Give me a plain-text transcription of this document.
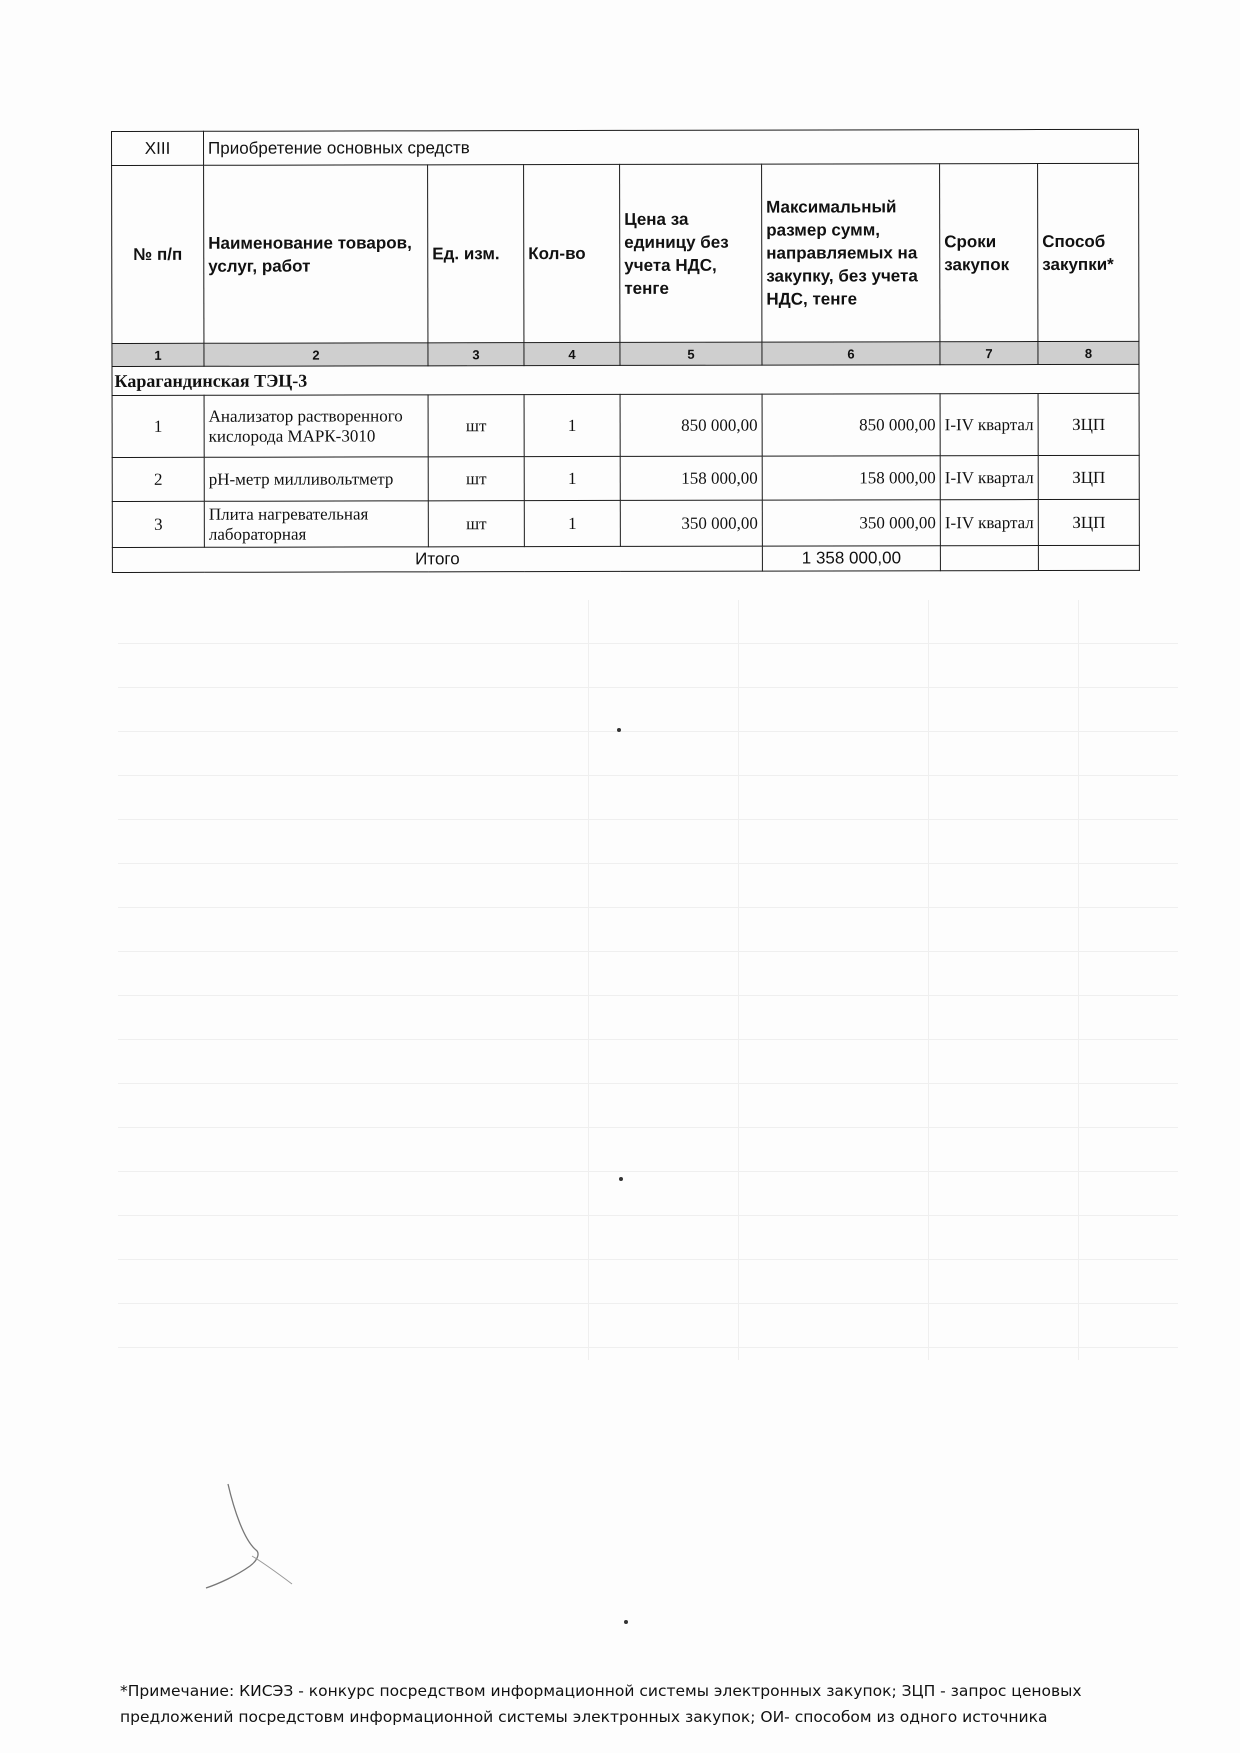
XIII	Приобретение основных средств						
№ п/п	Наименование товаров, услуг, работ	Ед. изм.	Кол-во	Цена за единицу без учета НДС, тенге	Максимальный размер сумм, направляемых на закупку, без учета НДС, тенге	Сроки закупок	Способ закупки*
1	2	3	4	5	6	7	8
Карагандинская ТЭЦ-3							
1	Анализатор растворенного кислорода МАРК-3010	шт	1	850 000,00	850 000,00	I-IV квартал	ЗЦП
2	рН-метр милливольтметр	шт	1	158 000,00	158 000,00	I-IV квартал	ЗЦП
3	Плита нагревательная лабораторная	шт	1	350 000,00	350 000,00	I-IV квартал	ЗЦП
Итого					1 358 000,00		
*Примечание: КИСЭЗ - конкурс посредством информационной системы электронных закупок; ЗЦП - запрос ценовых предложений посредстовм информационной системы электронных закупок; ОИ- способом из одного источника
